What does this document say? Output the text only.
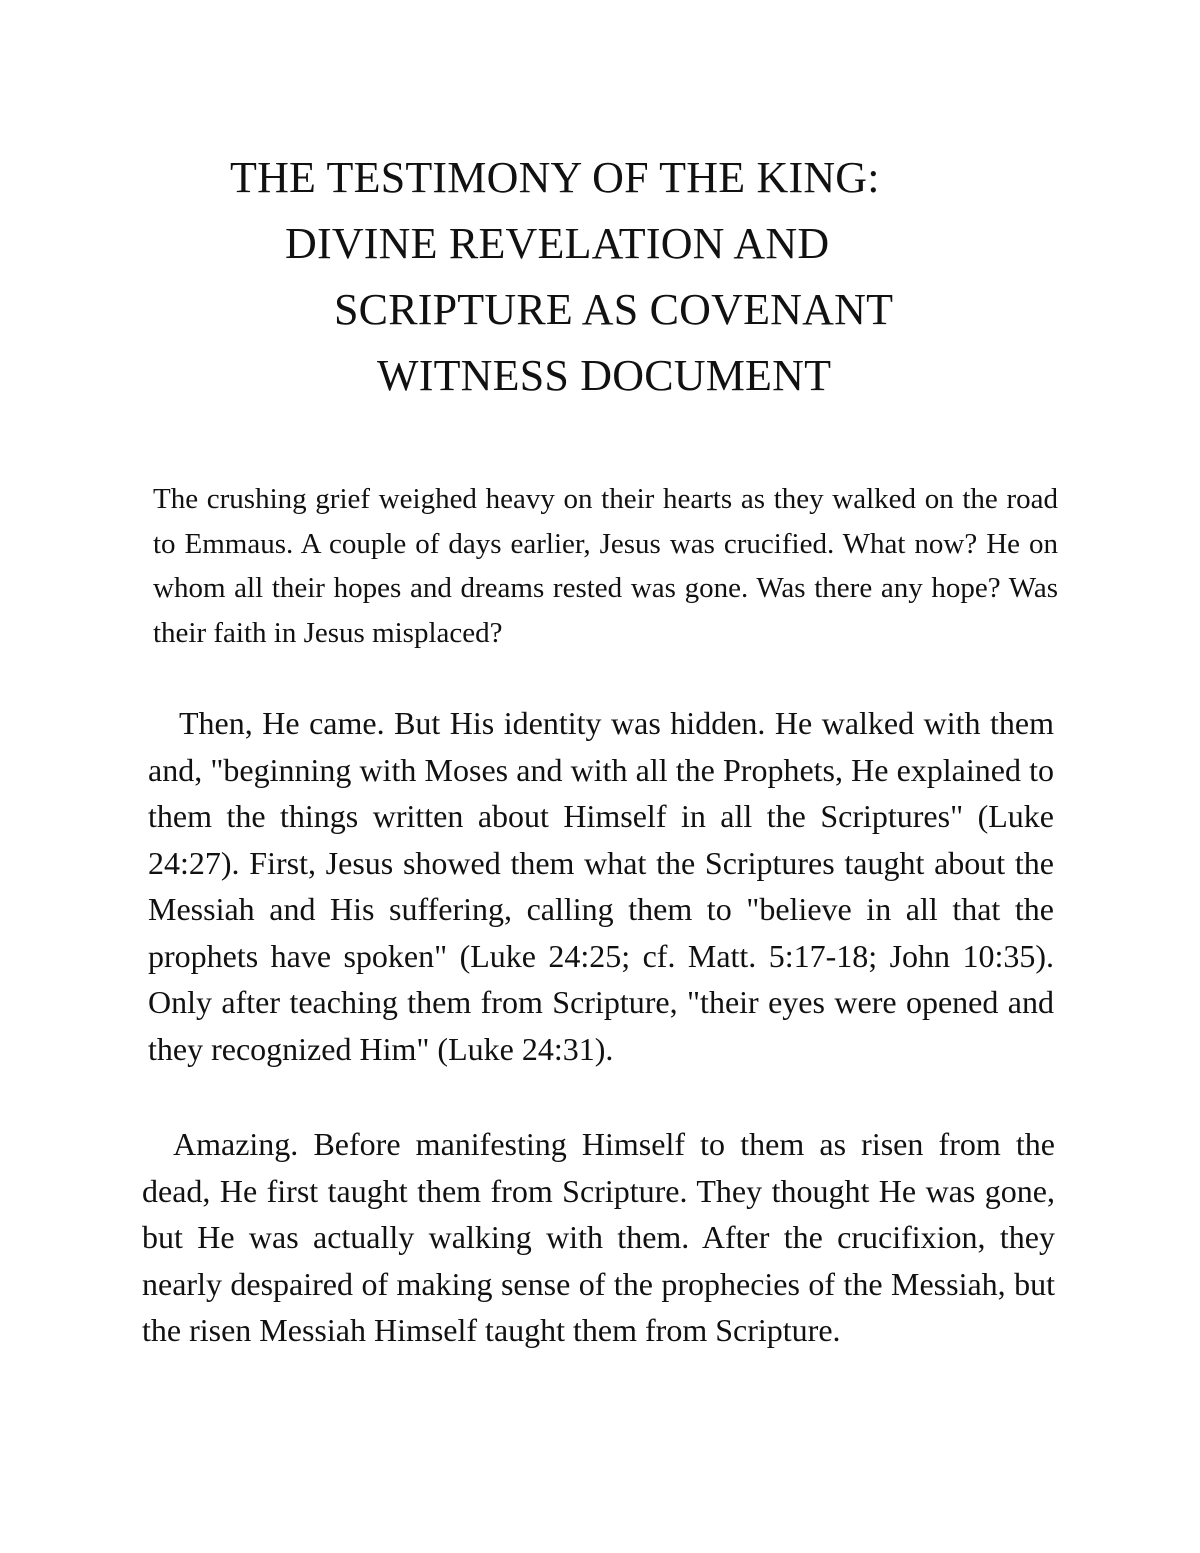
THE TESTIMONY OF THE KING:
DIVINE REVELATION AND
SCRIPTURE AS COVENANT
WITNESS DOCUMENT

The crushing grief weighed heavy on their hearts as they walked on the road to Emmaus. A couple of days earlier, Jesus was crucified. What now? He on whom all their hopes and dreams rested was gone. Was there any hope? Was their faith in Jesus misplaced?

Then, He came. But His identity was hidden. He walked with them and, "beginning with Moses and with all the Prophets, He explained to them the things written about Himself in all the Scriptures" (Luke 24:27). First, Jesus showed them what the Scriptures taught about the Messiah and His suffering, calling them to "believe in all that the prophets have spoken" (Luke 24:25; cf. Matt. 5:17-18; John 10:35). Only after teaching them from Scripture, "their eyes were opened and they recognized Him" (Luke 24:31).

Amazing. Before manifesting Himself to them as risen from the dead, He first taught them from Scripture. They thought He was gone, but He was actually walking with them. After the crucifixion, they nearly despaired of making sense of the prophecies of the Messiah, but the risen Messiah Himself taught them from Scripture.
